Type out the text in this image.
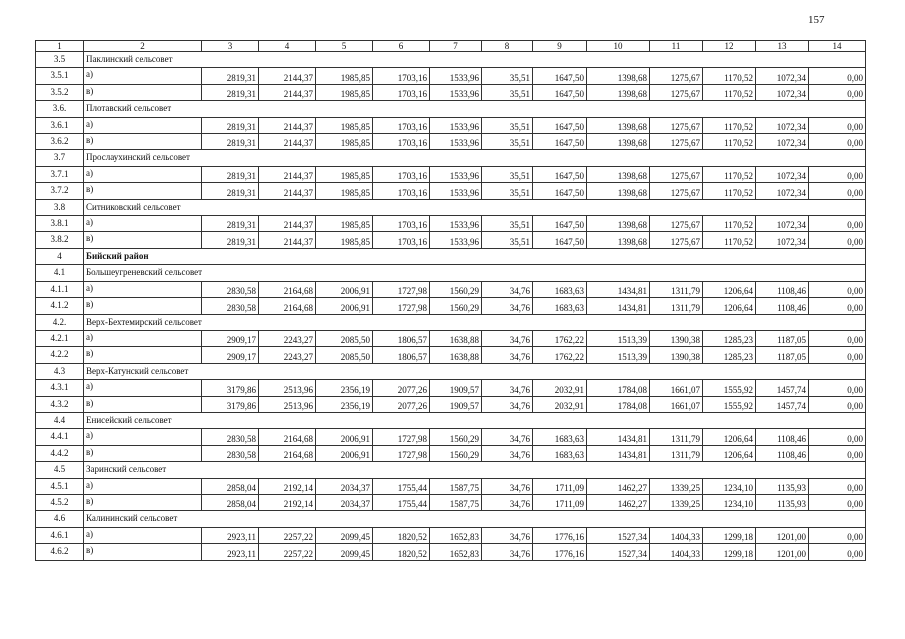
157
1	2	3	4	5	6	7	8	9	10	11	12	13	14
3.5	Паклинский сельсовет												
3.5.1	а)	2819,31	2144,37	1985,85	1703,16	1533,96	35,51	1647,50	1398,68	1275,67	1170,52	1072,34	0,00
3.5.2	в)	2819,31	2144,37	1985,85	1703,16	1533,96	35,51	1647,50	1398,68	1275,67	1170,52	1072,34	0,00
3.6.	Плотавский сельсовет												
3.6.1	а)	2819,31	2144,37	1985,85	1703,16	1533,96	35,51	1647,50	1398,68	1275,67	1170,52	1072,34	0,00
3.6.2	в)	2819,31	2144,37	1985,85	1703,16	1533,96	35,51	1647,50	1398,68	1275,67	1170,52	1072,34	0,00
3.7	Прослаухинский сельсовет												
3.7.1	а)	2819,31	2144,37	1985,85	1703,16	1533,96	35,51	1647,50	1398,68	1275,67	1170,52	1072,34	0,00
3.7.2	в)	2819,31	2144,37	1985,85	1703,16	1533,96	35,51	1647,50	1398,68	1275,67	1170,52	1072,34	0,00
3.8	Ситниковский сельсовет												
3.8.1	а)	2819,31	2144,37	1985,85	1703,16	1533,96	35,51	1647,50	1398,68	1275,67	1170,52	1072,34	0,00
3.8.2	в)	2819,31	2144,37	1985,85	1703,16	1533,96	35,51	1647,50	1398,68	1275,67	1170,52	1072,34	0,00
4	Бийский район												
4.1	Большеугреневский сельсовет												
4.1.1	а)	2830,58	2164,68	2006,91	1727,98	1560,29	34,76	1683,63	1434,81	1311,79	1206,64	1108,46	0,00
4.1.2	в)	2830,58	2164,68	2006,91	1727,98	1560,29	34,76	1683,63	1434,81	1311,79	1206,64	1108,46	0,00
4.2.	Верх-Бехтемирский сельсовет												
4.2.1	а)	2909,17	2243,27	2085,50	1806,57	1638,88	34,76	1762,22	1513,39	1390,38	1285,23	1187,05	0,00
4.2.2	в)	2909,17	2243,27	2085,50	1806,57	1638,88	34,76	1762,22	1513,39	1390,38	1285,23	1187,05	0,00
4.3	Верх-Катунский сельсовет												
4.3.1	а)	3179,86	2513,96	2356,19	2077,26	1909,57	34,76	2032,91	1784,08	1661,07	1555,92	1457,74	0,00
4.3.2	в)	3179,86	2513,96	2356,19	2077,26	1909,57	34,76	2032,91	1784,08	1661,07	1555,92	1457,74	0,00
4.4	Енисейский сельсовет												
4.4.1	а)	2830,58	2164,68	2006,91	1727,98	1560,29	34,76	1683,63	1434,81	1311,79	1206,64	1108,46	0,00
4.4.2	в)	2830,58	2164,68	2006,91	1727,98	1560,29	34,76	1683,63	1434,81	1311,79	1206,64	1108,46	0,00
4.5	Заринский сельсовет												
4.5.1	а)	2858,04	2192,14	2034,37	1755,44	1587,75	34,76	1711,09	1462,27	1339,25	1234,10	1135,93	0,00
4.5.2	в)	2858,04	2192,14	2034,37	1755,44	1587,75	34,76	1711,09	1462,27	1339,25	1234,10	1135,93	0,00
4.6	Калининский сельсовет												
4.6.1	а)	2923,11	2257,22	2099,45	1820,52	1652,83	34,76	1776,16	1527,34	1404,33	1299,18	1201,00	0,00
4.6.2	в)	2923,11	2257,22	2099,45	1820,52	1652,83	34,76	1776,16	1527,34	1404,33	1299,18	1201,00	0,00
